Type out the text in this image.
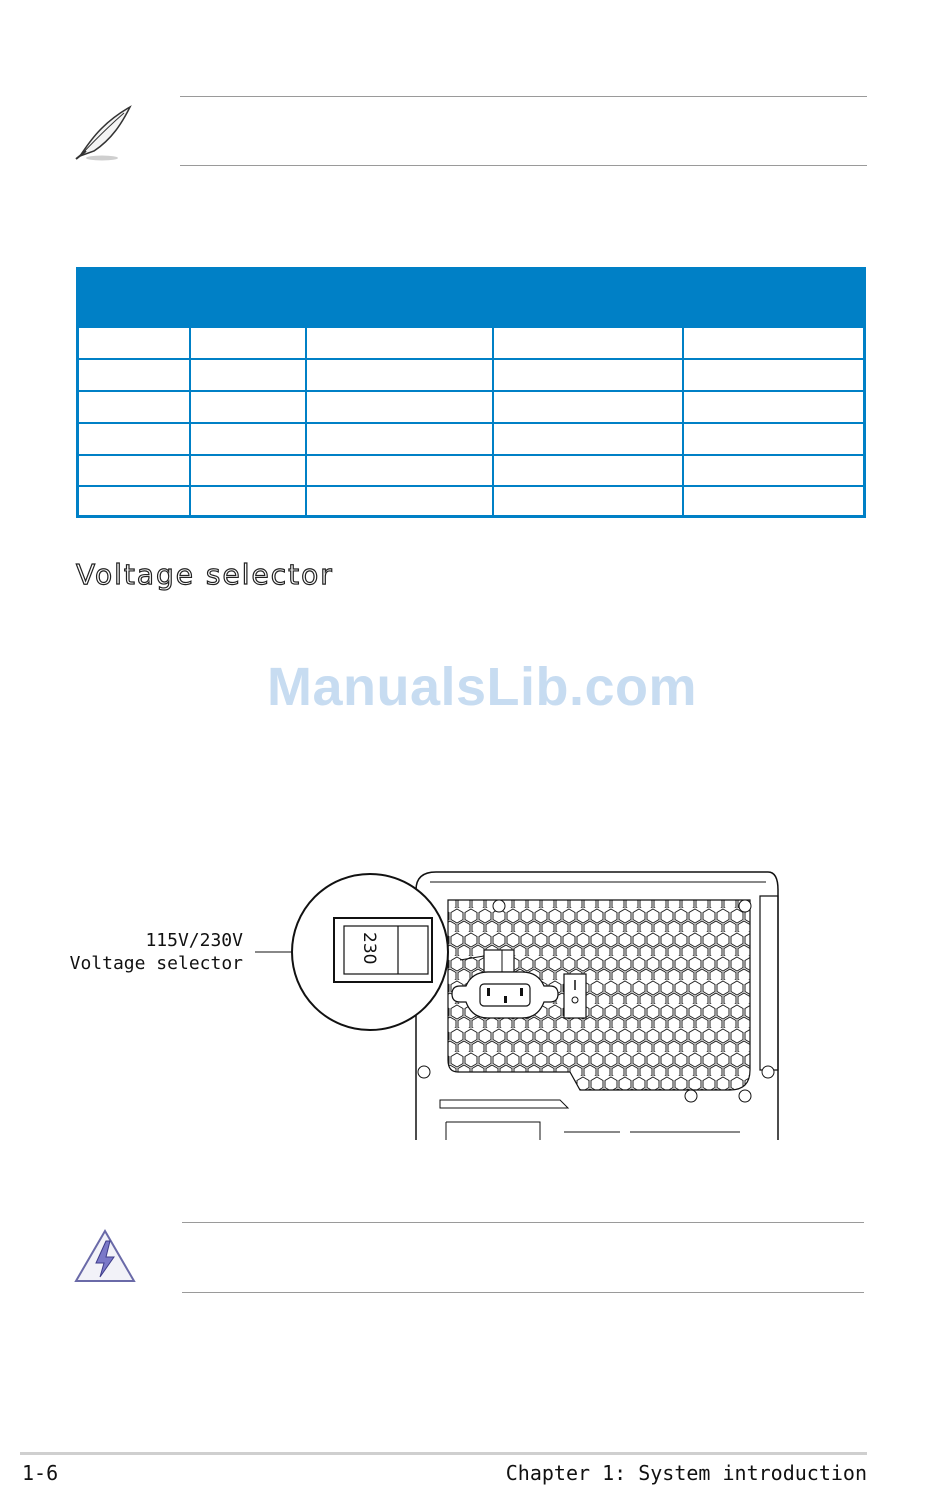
Voltage selector
ManualsLib.com
115V/230V
Voltage selector	230
1-6	Chapter 1: System introduction
